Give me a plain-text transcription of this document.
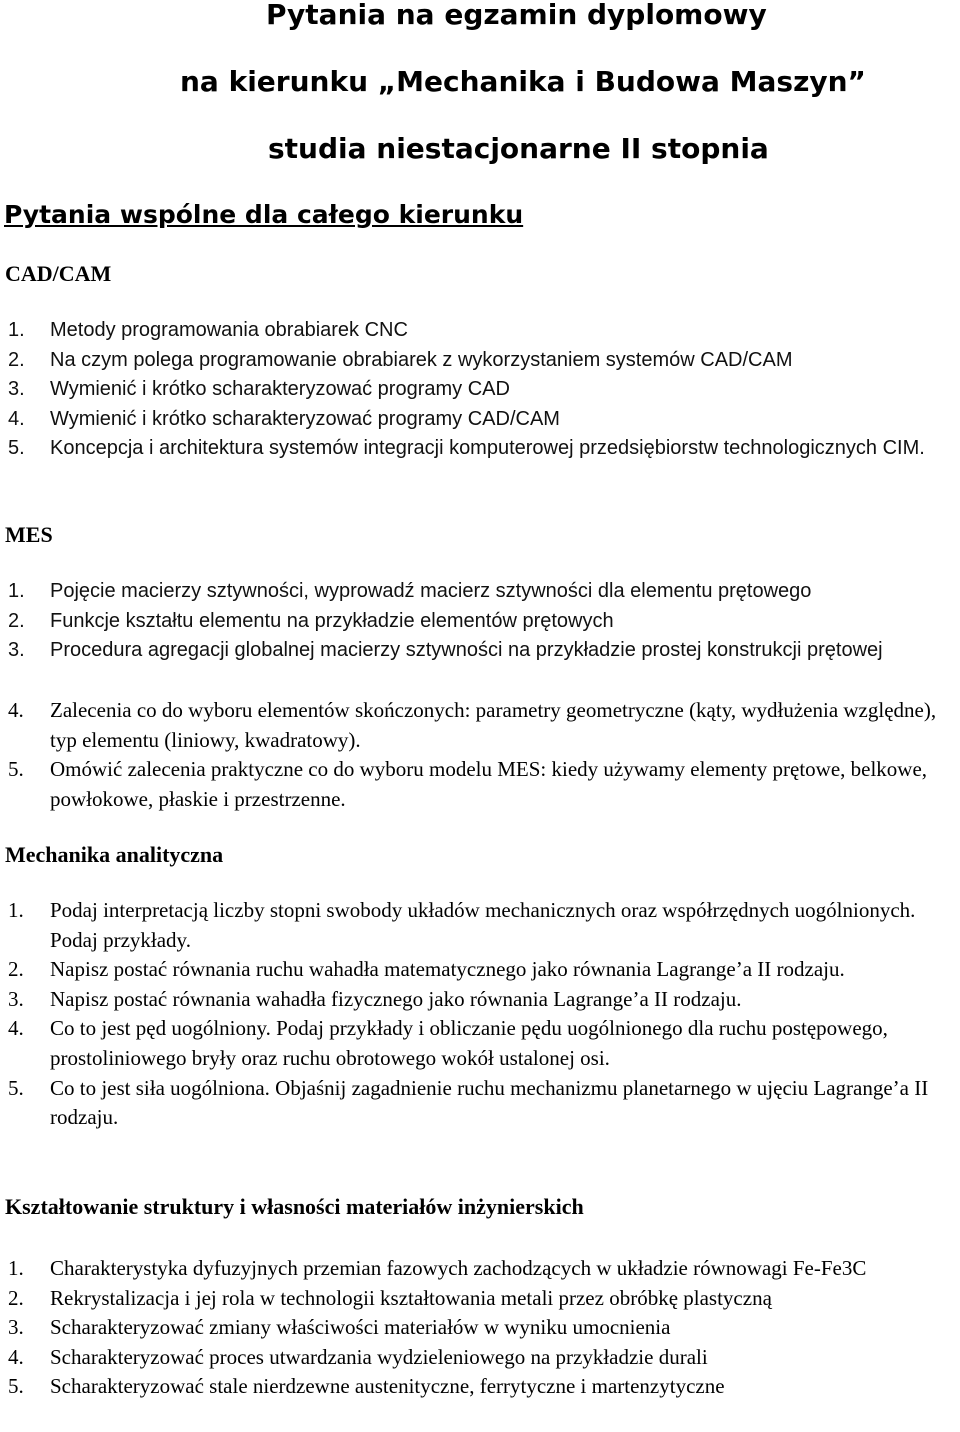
Pytania na egzamin dyplomowy
na kierunku „Mechanika i Budowa Maszyn”
studia niestacjonarne II stopnia
Pytania wspólne dla całego kierunku
CAD/CAM
1. Metody programowania obrabiarek CNC
2. Na czym polega programowanie obrabiarek z wykorzystaniem systemów CAD/CAM
3. Wymienić i krótko scharakteryzować programy CAD
4. Wymienić i krótko scharakteryzować programy CAD/CAM
5. Koncepcja i architektura systemów integracji komputerowej przedsiębiorstw technologicznych CIM.
MES
1. Pojęcie macierzy sztywności, wyprowadź macierz sztywności dla elementu prętowego
2. Funkcje kształtu elementu na przykładzie elementów prętowych
3. Procedura agregacji globalnej macierzy sztywności na przykładzie prostej konstrukcji prętowej
4. Zalecenia co do wyboru elementów skończonych: parametry geometryczne (kąty, wydłużenia względne), typ elementu (liniowy, kwadratowy).
5. Omówić zalecenia praktyczne co do wyboru modelu MES: kiedy używamy elementy prętowe, belkowe, powłokowe, płaskie i przestrzenne.
Mechanika analityczna
1. Podaj interpretacją liczby stopni swobody układów mechanicznych oraz współrzędnych uogólnionych. Podaj przykłady.
2. Napisz postać równania ruchu wahadła matematycznego jako równania Lagrange’a II rodzaju.
3. Napisz postać równania wahadła fizycznego jako równania Lagrange’a II rodzaju.
4. Co to jest pęd uogólniony. Podaj przykłady i obliczanie pędu uogólnionego dla ruchu postępowego, prostoliniowego bryły oraz ruchu obrotowego wokół ustalonej osi.
5. Co to jest siła uogólniona. Objaśnij zagadnienie ruchu mechanizmu planetarnego w ujęciu Lagrange’a II rodzaju.
Kształtowanie struktury i własności materiałów inżynierskich
1. Charakterystyka dyfuzyjnych przemian fazowych zachodzących w układzie równowagi Fe-Fe3C
2. Rekrystalizacja i jej rola w technologii kształtowania metali przez obróbkę plastyczną
3. Scharakteryzować zmiany właściwości materiałów w wyniku umocnienia
4. Scharakteryzować proces utwardzania wydzieleniowego na przykładzie durali
5. Scharakteryzować stale nierdzewne austenityczne, ferrytyczne i martenzytyczne
